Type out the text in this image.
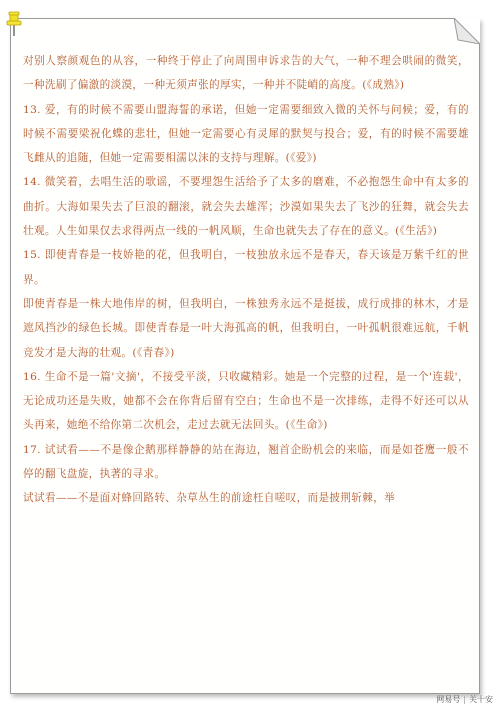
对别人察颜观色的从容，一种终于停止了向周围申诉求告的大气，一种不理会哄闹的微笑，一种洗刷了偏激的淡漠，一种无须声张的厚实，一种并不陡峭的高度。(《成熟》)

13. 爱，有的时候不需要山盟海誓的承诺，但她一定需要细致入微的关怀与问候；爱，有的时候不需要梁祝化蝶的悲壮，但她一定需要心有灵犀的默契与投合；爱，有的时候不需要雄飞雌从的追随，但她一定需要相濡以沫的支持与理解。(《爱》)

14. 微笑着，去唱生活的歌谣，不要埋怨生活给予了太多的磨难，不必抱怨生命中有太多的曲折。大海如果失去了巨浪的翻滚，就会失去雄浑；沙漠如果失去了飞沙的狂舞，就会失去壮观。人生如果仅去求得两点一线的一帆风顺，生命也就失去了存在的意义。(《生活》)

15. 即使青春是一枝娇艳的花，但我明白，一枝独放永远不是春天，春天该是万紫千红的世界。

即使青春是一株大地伟岸的树，但我明白，一株独秀永远不是挺拔，成行成排的林木，才是遮风挡沙的绿色长城。即使青春是一叶大海孤高的帆，但我明白，一叶孤帆很难远航，千帆竞发才是大海的壮观。(《青春》)

16. 生命不是一篇'文摘'，不接受平淡，只收藏精彩。她是一个完整的过程，是一个'连载'，无论成功还是失败，她都不会在你背后留有空白；生命也不是一次排练，走得不好还可以从头再来，她绝不给你第二次机会，走过去就无法回头。(《生命》)

17. 试试看——不是像企鹅那样静静的站在海边，翘首企盼机会的来临，而是如苍鹰一般不停的翻飞盘旋，执著的寻求。

试试看——不是面对蜂回路转、杂草丛生的前途枉自嗟叹，而是披荆斩棘，举

网易号 | 关十安
